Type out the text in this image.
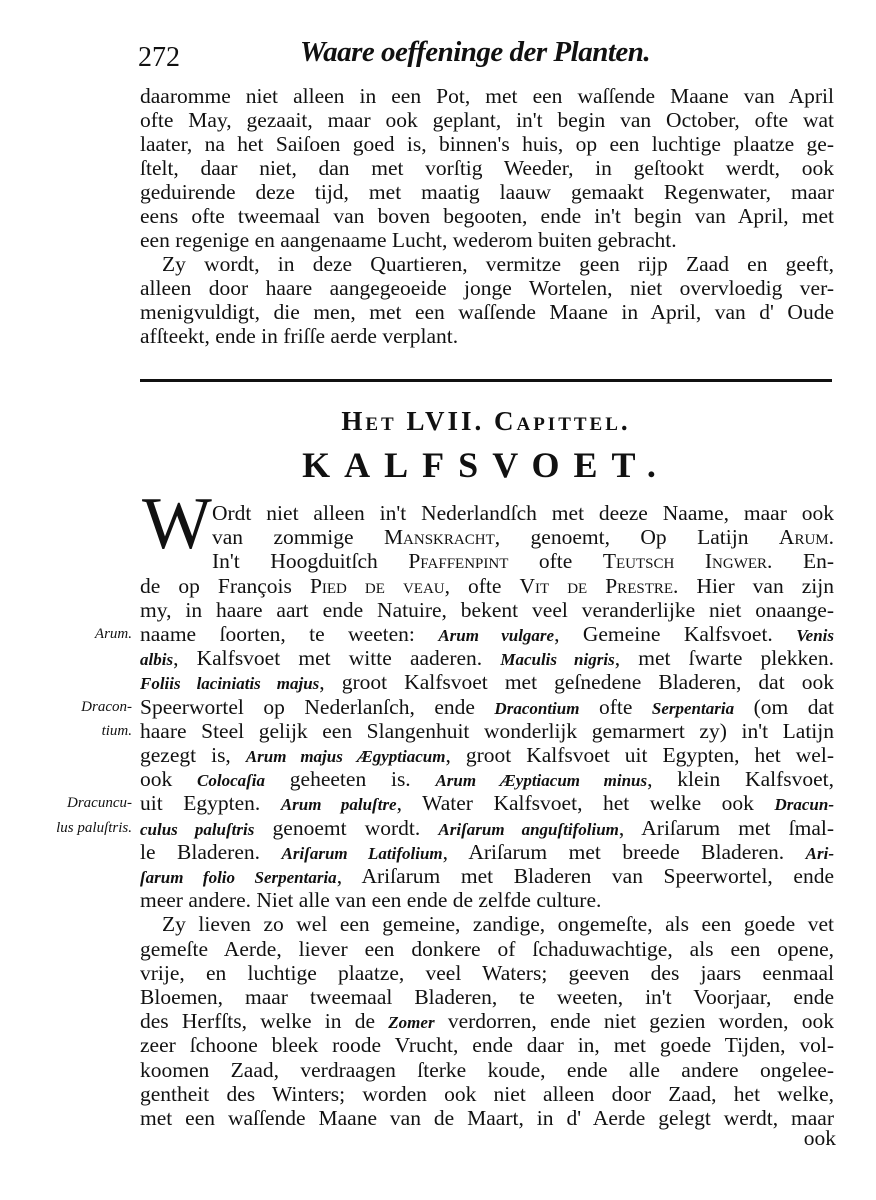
272	Waare oeffeninge der Planten.
daaromme niet alleen in een Pot, met een waſſende Maane van April
ofte May, gezaait, maar ook geplant, in't begin van October, ofte wat
laater, na het Saiſoen goed is, binnen's huis, op een luchtige plaatze ge-
ſtelt, daar niet, dan met vorſtig Weeder, in geſtookt werdt, ook
geduirende deze tijd, met maatig laauw gemaakt Regenwater, maar
eens ofte tweemaal van boven begooten, ende in't begin van April, met
een regenige en aangenaame Lucht, wederom buiten gebracht.
Zy wordt, in deze Quartieren, vermitze geen rijp Zaad en geeft,
alleen door haare aangegeoeide jonge Wortelen, niet overvloedig ver-
menigvuldigt, die men, met een waſſende Maane in April, van d' Oude
afſteekt, ende in friſſe aerde verplant.
Het LVII. Capittel.
KALFSVOET.
W Ordt niet alleen in't Nederlandſch met deeze Naame, maar ook
van zommige Manskracht, genoemt, Op Latijn Arum.
In't Hoogduitſch Pfaffenpint ofte Teutsch Ingwer. En-
de op François Pied de veau, ofte Vit de Prestre. Hier van zijn
my, in haare aart ende Natuire, bekent veel veranderlijke niet onaange-
naame ſoorten, te weeten: Arum vulgare, Gemeine Kalfsvoet. Venis
albis, Kalfsvoet met witte aaderen. Maculis nigris, met ſwarte plekken.
Foliis laciniatis majus, groot Kalfsvoet met geſnedene Bladeren, dat ook
Speerwortel op Nederlanſch, ende Dracontium ofte Serpentaria (om dat
haare Steel gelijk een Slangenhuit wonderlijk gemarmert zy) in't Latijn
gezegt is, Arum majus Ægyptiacum, groot Kalfsvoet uit Egypten, het wel-
ook Colocaſia geheeten is. Arum Æyptiacum minus, klein Kalfsvoet,
uit Egypten. Arum paluſtre, Water Kalfsvoet, het welke ook Dracun-
culus paluſtris genoemt wordt. Ariſarum anguſtifolium, Ariſarum met ſmal-
le Bladeren. Ariſarum Latifolium, Ariſarum met breede Bladeren. Ari-
ſarum folio Serpentaria, Ariſarum met Bladeren van Speerwortel, ende
meer andere. Niet alle van een ende de zelfde culture.
Zy lieven zo wel een gemeine, zandige, ongemeſte, als een goede vet
gemeſte Aerde, liever een donkere of ſchaduwachtige, als een opene,
vrije, en luchtige plaatze, veel Waters; geeven des jaars eenmaal
Bloemen, maar tweemaal Bladeren, te weeten, in't Voorjaar, ende
des Herfſts, welke in de Zomer verdorren, ende niet gezien worden, ook
zeer ſchoone bleek roode Vrucht, ende daar in, met goede Tijden, vol-
koomen Zaad, verdraagen ſterke koude, ende alle andere ongelee-
gentheit des Winters; worden ook niet alleen door Zaad, het welke,
met een waſſende Maane van de Maart, in d' Aerde gelegt werdt, maar
Arum.
Dracon-
tium.
Dracuncu-
lus paluſtris.
ook
